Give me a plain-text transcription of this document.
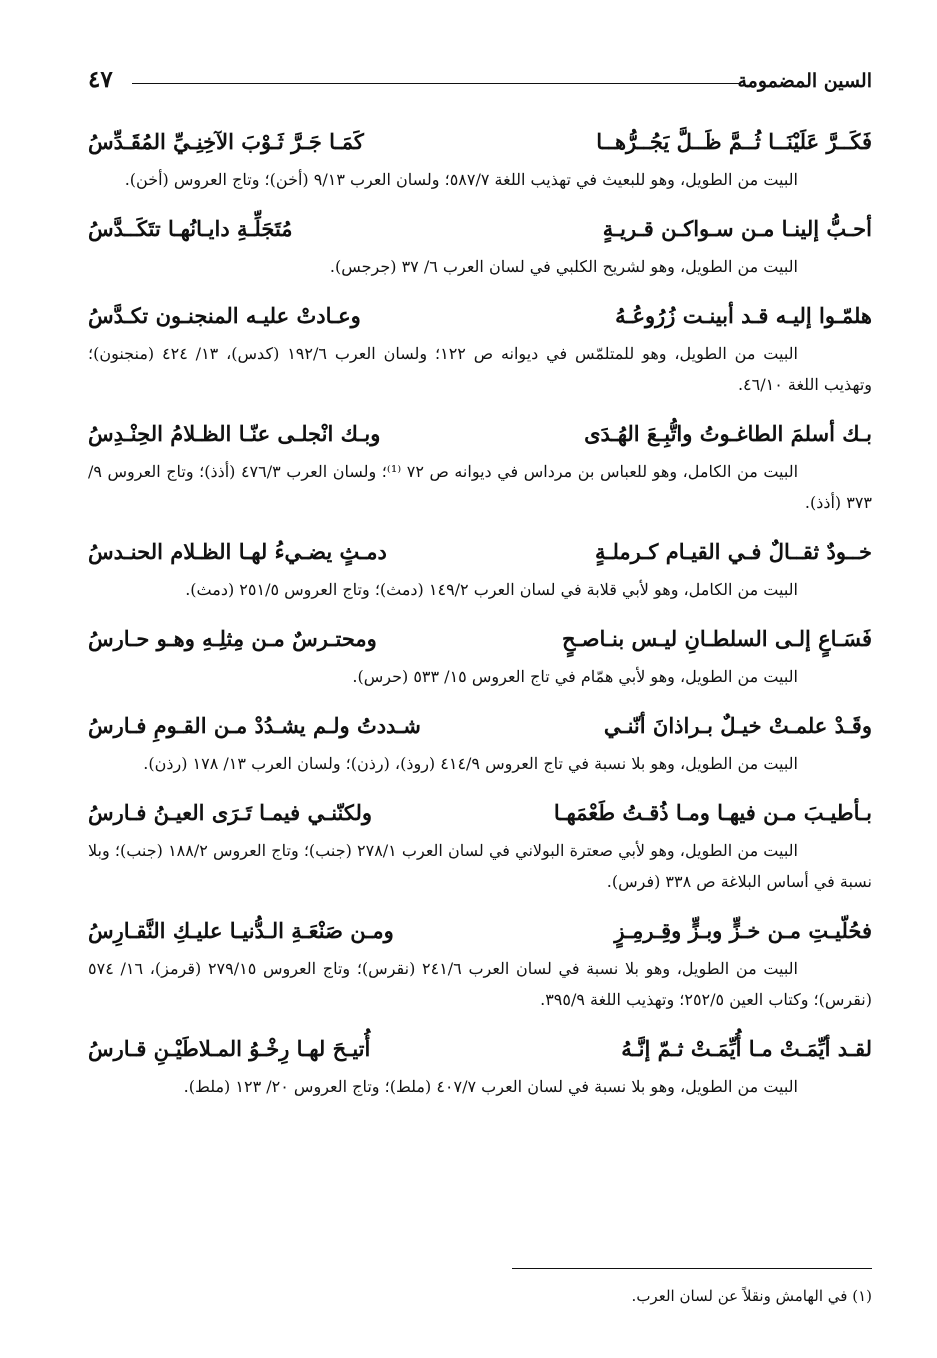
٤٧	السين المضمومة
فَكَــرَّ عَلَيْنَــا ثُــمَّ ظَــلَّ يَجُــرُّهــا
كَمَـا جَـرَّ ثَـوْبَ الآخِنِـيِّ المُقَـدِّسُ

البيت من الطويل، وهو للبعيث في تهذيب اللغة ٥٨٧/٧؛ ولسان العرب ٩/١٣ (أخن)؛ وتاج العروس (أخن).

أحـبُّ إلينـا مـن سـواكـن قـريـةٍ
مُتَجَلِّـةِ دايـانُهـا تتَكَــدَّسُ

البيت من الطويل، وهو لشريح الكلبي في لسان العرب ٦/ ٣٧ (جرجس).

هلمّـوا إليـه قـد أبينـت زُرُوعُـهُ
وعـادتْ عليـه المنجنـون تكـدَّسُ

البيت من الطويل، وهو للمتلمّس في ديوانه ص ١٢٢؛ ولسان العرب ١٩٢/٦ (كدس)، ١٣/ ٤٢٤ (منجنون)؛ وتهذيب اللغة ٤٦/١٠.

بـك أسلمَ الطاغـوتُ واتُّبِـعَ الهُـدَى
وبـك انْجلـى عنّـا الظـلامُ الحِنْـدِسُ

البيت من الكامل، وهو للعباس بن مرداس في ديوانه ص ٧٢ ⁽¹⁾؛ ولسان العرب ٤٧٦/٣ (أذذ)؛ وتاج العروس ٩/ ٣٧٣ (أذذ).

خــودٌ ثقــالٌ فـي القيـام كـرملـةٍ
دمـثٍ يضـيءُ لهـا الظـلام الحنـدسُ

البيت من الكامل، وهو لأبي قلابة في لسان العرب ١٤٩/٢ (دمث)؛ وتاج العروس ٢٥١/٥ (دمث).

فَسَـاعٍ إلـى السلطـانِ ليـس بنـاصـحٍ
ومحتـرسٌ مـن مِثلِـهِ وهـو حـارسُ

البيت من الطويل، وهو لأبي همّام في تاج العروس ١٥/ ٥٣٣ (حرس).

وقَـدْ علمـتْ خيـلٌ بـراذانَ أنّنـي
شـددتُ ولـم يشـدُدْ مـن القـومِ فـارسُ

البيت من الطويل، وهو بلا نسبة في تاج العروس ٤١٤/٩ (روذ)، (رذن)؛ ولسان العرب ١٣/ ١٧٨ (رذن).

بـأطيـبَ مـن فيهـا ومـا ذُقـتُ طَعْمَهـا
ولكنّنـي فيمـا تَـرَى العيـنُ فـارسُ

البيت من الطويل، وهو لأبي صعترة البولاني في لسان العرب ٢٧٨/١ (جنب)؛ وتاج العروس ١٨٨/٢ (جنب)؛ وبلا نسبة في أساس البلاغة ص ٣٣٨ (فرس).

فحُلّيـتِ مـن خـزٍّ وبـزٍّ وقِـرمِـزٍ
ومـن صَنْعَـةِ الـدُّنيـا عليـكِ النَّقـارِسُ

البيت من الطويل، وهو بلا نسبة في لسان العرب ٢٤١/٦ (نقرس)؛ وتاج العروس ٢٧٩/١٥ (قرمز)، ١٦/ ٥٧٤ (نقرس)؛ وكتاب العين ٢٥٢/٥؛ وتهذيب اللغة ٣٩٥/٩.

لقـد أيِّمَـتْ مـا أُيِّمَـتْ ثـمّ إنَّـهُ
أُتيـحَ لهـا رِخْـوُ المـلاطَيْـنِ قـارسُ

البيت من الطويل، وهو بلا نسبة في لسان العرب ٤٠٧/٧ (ملط)؛ وتاج العروس ٢٠/ ١٢٣ (ملط).

(١) في الهامش ونقلاً عن لسان العرب.
